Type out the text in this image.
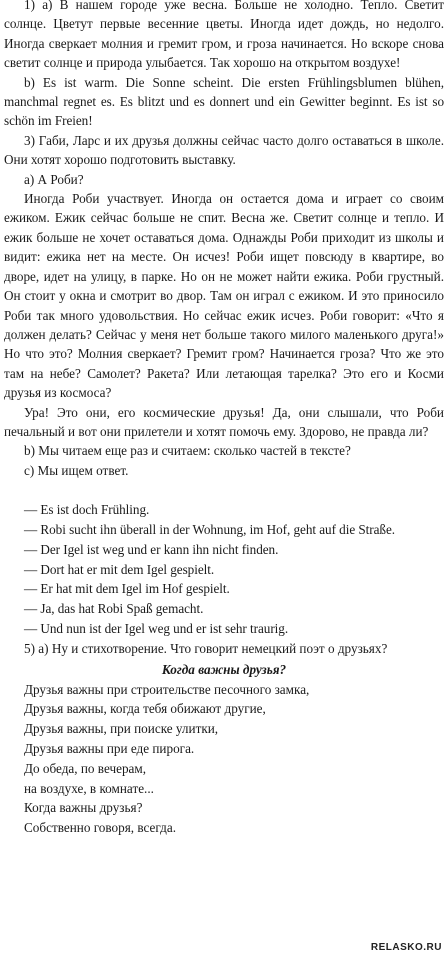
1) а) В нашем городе уже весна. Больше не холодно. Тепло. Светит солнце. Цветут первые весенние цветы. Иногда идет дождь, но недолго. Иногда сверкает молния и гремит гром, и гроза начинается. Но вскоре снова светит солнце и природа улыбается. Так хорошо на открытом воздухе!

b) Es ist warm. Die Sonne scheint. Die ersten Frühlingsblumen blühen, manchmal regnet es. Es blitzt und es donnert und ein Gewitter beginnt. Es ist so schön im Freien!

3) Габи, Ларс и их друзья должны сейчас часто долго оставаться в школе. Они хотят хорошо подготовить выставку.

а) А Роби?

Иногда Роби участвует. Иногда он остается дома и играет со своим ежиком. Ежик сейчас больше не спит. Весна же. Светит солнце и тепло. И ежик больше не хочет оставаться дома. Однажды Роби приходит из школы и видит: ежика нет на месте. Он исчез! Роби ищет повсюду в квартире, во дворе, идет на улицу, в парке. Но он не может найти ежика. Роби грустный. Он стоит у окна и смотрит во двор. Там он играл с ежиком. И это приносило Роби так много удовольствия. Но сейчас ежик исчез. Роби говорит: «Что я должен делать? Сейчас у меня нет больше такого милого маленького друга!» Но что это? Молния сверкает? Гремит гром? Начинается гроза? Что же это там на небе? Самолет? Ракета? Или летающая тарелка? Это его и Косми друзья из космоса?

Ура! Это они, его космические друзья! Да, они слышали, что Роби печальный и вот они прилетели и хотят помочь ему. Здорово, не правда ли?

b) Мы читаем еще раз и считаем: сколько частей в тексте?

c) Мы ищем ответ.

— Es ist doch Frühling.
— Robi sucht ihn überall in der Wohnung, im Hof, geht auf die Straße.
— Der Igel ist weg und er kann ihn nicht finden.
— Dort hat er mit dem Igel gespielt.
— Er hat mit dem Igel im Hof gespielt.
— Ja, das hat Robi Spaß gemacht.
— Und nun ist der Igel weg und er ist sehr traurig.

5) а) Ну и стихотворение. Что говорит немецкий поэт о друзьях?

Когда важны друзья?

Друзья важны при строительстве песочного замка,
Друзья важны, когда тебя обижают другие,
Друзья важны, при поиске улитки,
Друзья важны при еде пирога.
До обеда, по вечерам,
на воздухе, в комнате...
Когда важны друзья?
Собственно говоря, всегда.
RELASKO.RU
